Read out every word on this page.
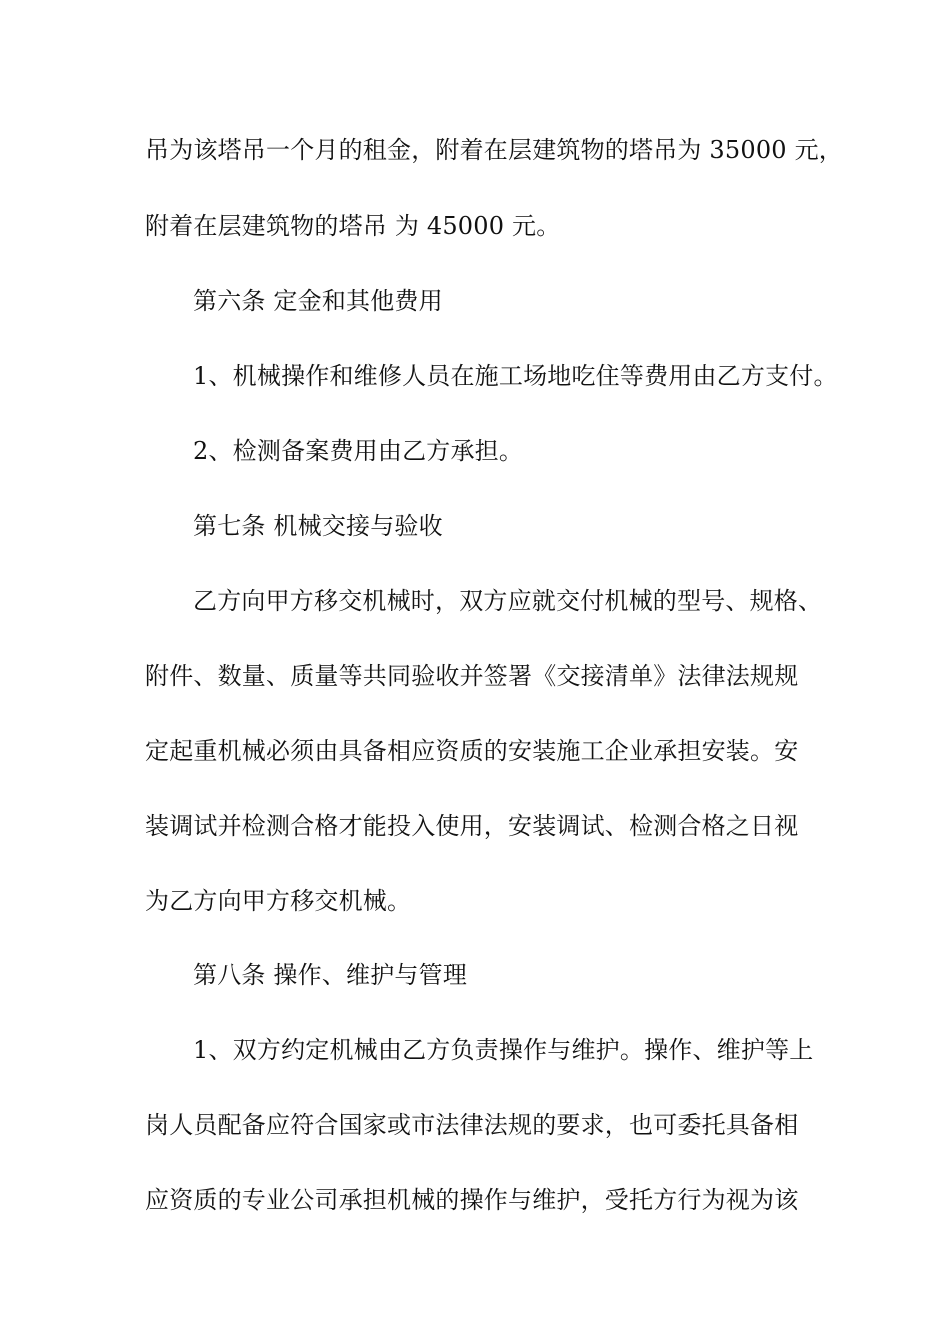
吊为该塔吊一个月的租金，附着在层建筑物的塔吊为 35000 元，
附着在层建筑物的塔吊 为 45000 元。
第六条 定金和其他费用
1、机械操作和维修人员在施工场地吃住等费用由乙方支付。
2、检测备案费用由乙方承担。
第七条 机械交接与验收
乙方向甲方移交机械时，双方应就交付机械的型号、规格、
附件、数量、质量等共同验收并签署《交接清单》法律法规规
定起重机械必须由具备相应资质的安装施工企业承担安装。安
装调试并检测合格才能投入使用，安装调试、检测合格之日视
为乙方向甲方移交机械。
第八条 操作、维护与管理
1、双方约定机械由乙方负责操作与维护。操作、维护等上
岗人员配备应符合国家或市法律法规的要求，也可委托具备相
应资质的专业公司承担机械的操作与维护，受托方行为视为该
